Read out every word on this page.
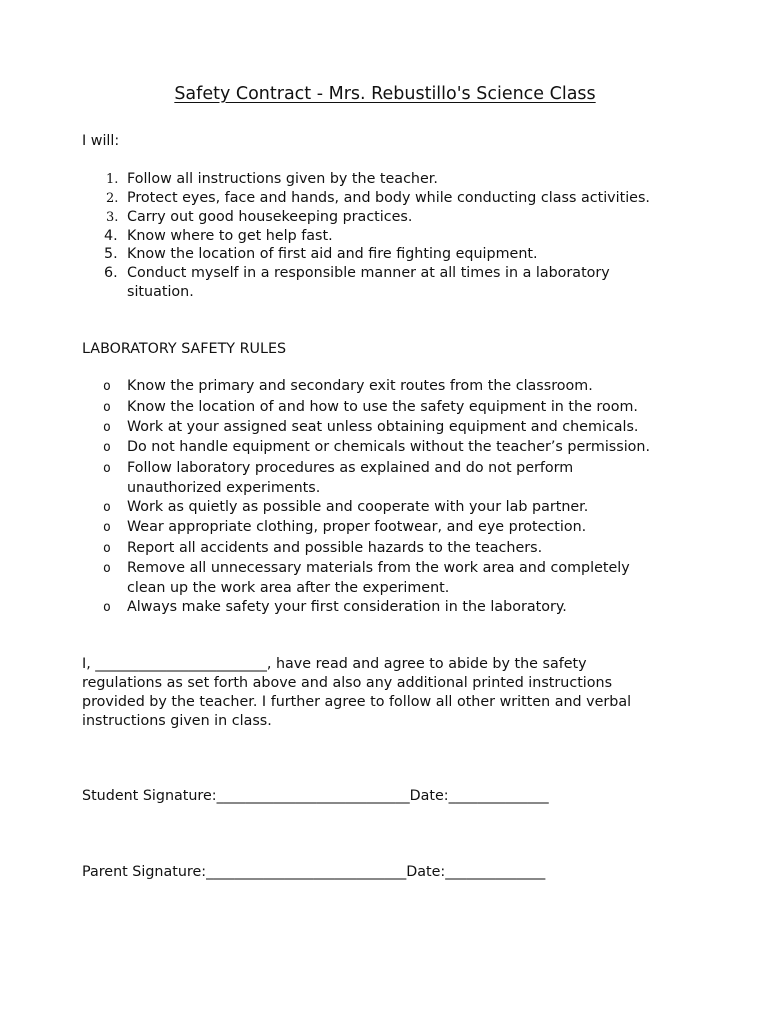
Safety Contract - Mrs. Rebustillo's Science Class
I will:
1. Follow all instructions given by the teacher.
2. Protect eyes, face and hands, and body while conducting class activities.
3. Carry out good housekeeping practices.
4. Know where to get help fast.
5. Know the location of first aid and fire fighting equipment.
6. Conduct myself in a responsible manner at all times in a laboratory
situation.
LABORATORY SAFETY RULES
o Know the primary and secondary exit routes from the classroom.
o Know the location of and how to use the safety equipment in the room.
o Work at your assigned seat unless obtaining equipment and chemicals.
o Do not handle equipment or chemicals without the teacher’s permission.
o Follow laboratory procedures as explained and do not perform
unauthorized experiments.
o Work as quietly as possible and cooperate with your lab partner.
o Wear appropriate clothing, proper footwear, and eye protection.
o Report all accidents and possible hazards to the teachers.
o Remove all unnecessary materials from the work area and completely
clean up the work area after the experiment.
o Always make safety your first consideration in the laboratory.
I, ________________________, have read and agree to abide by the safety
regulations as set forth above and also any additional printed instructions
provided by the teacher. I further agree to follow all other written and verbal
instructions given in class.
Student Signature:___________________________Date:______________
Parent Signature:____________________________Date:______________
